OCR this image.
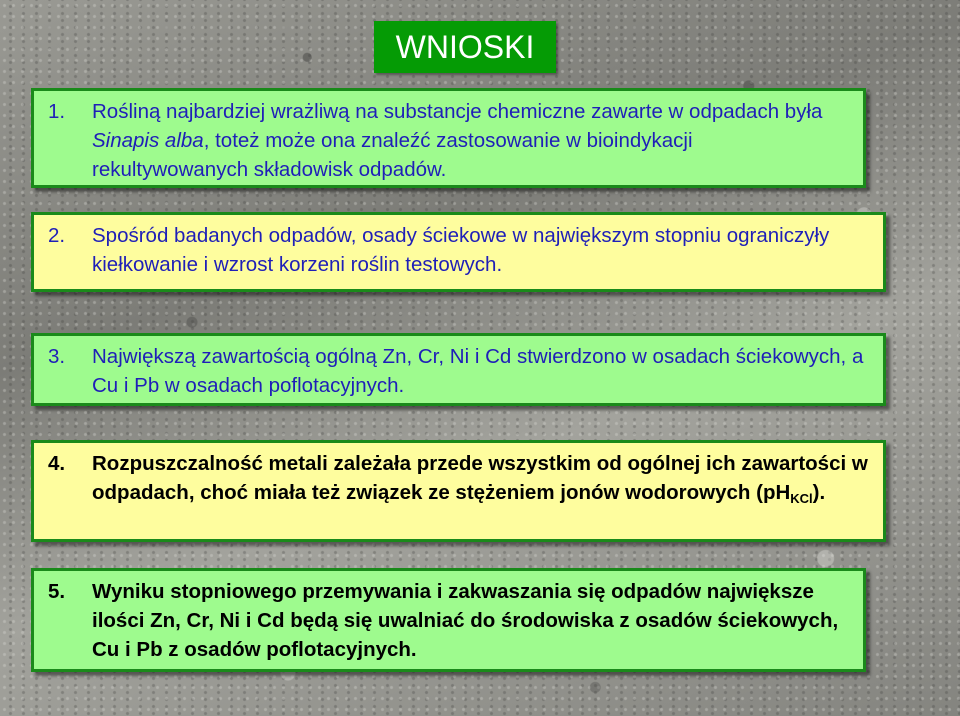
WNIOSKI
1.	Rośliną najbardziej wrażliwą na substancje chemiczne zawarte w odpadach była Sinapis alba, toteż może ona znaleźć zastosowanie w bioindykacji rekultywowanych składowisk odpadów.
2.	Spośród badanych odpadów, osady ściekowe w największym stopniu ograniczyły kiełkowanie i wzrost korzeni roślin testowych.
3.	Największą zawartością ogólną Zn, Cr, Ni i Cd stwierdzono w osadach ściekowych, a Cu i Pb w osadach poflotacyjnych.
4.	Rozpuszczalność metali zależała przede wszystkim od ogólnej ich zawartości w odpadach, choć miała też związek ze stężeniem jonów wodorowych $(pH_{KCl})$.
5.	Wyniku stopniowego przemywania i zakwaszania się odpadów największe ilości Zn, Cr, Ni i Cd będą się uwalniać do środowiska z osadów ściekowych, Cu i Pb z osadów poflotacyjnych.
